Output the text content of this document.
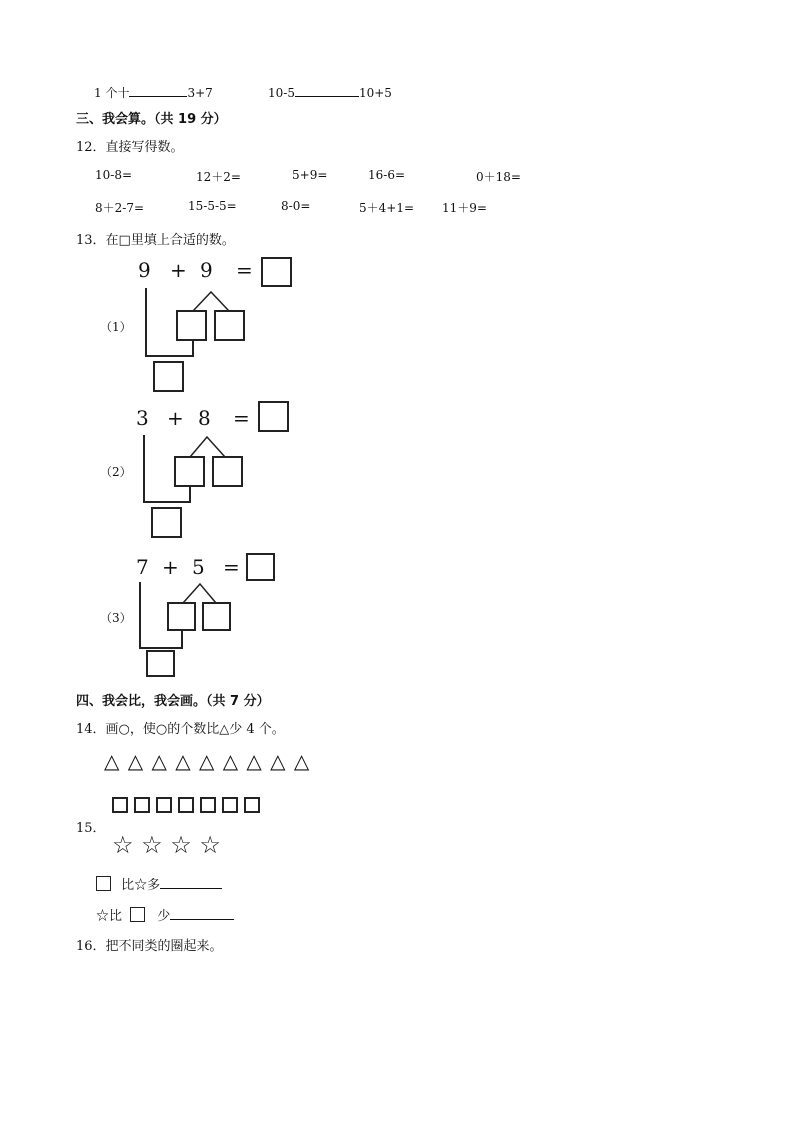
1 个十	3+7	10-5	10+5
三、我会算。（共 19 分）
12．直接写得数。
10-8=	12＋2=	5+9=	16-6=	0＋18=
8＋2-7=	15-5-5=	8-0=	5＋4+1= 11＋9=
13．在□里填上合适的数。
9 + 9 =
（1）
3 + 8 =
（2）
7 + 5 =
（3）
四、我会比，我会画。（共 7 分）
14．画○，使○的个数比△少 4 个。
△ △ △ △ △ △ △ △ △
15．
☆ ☆ ☆ ☆
比☆多
☆比	少
16．把不同类的圈起来。
